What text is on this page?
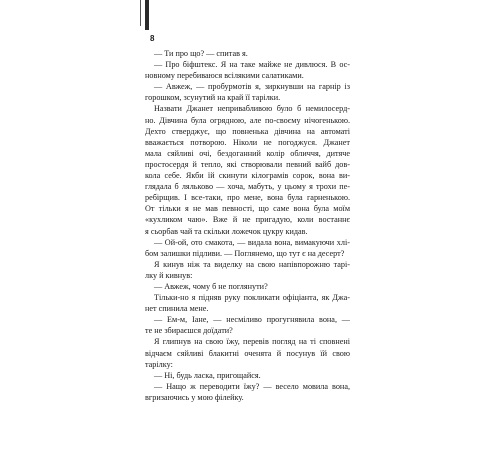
8
— Ти про що? — спитав я.
— Про біфштекс. Я на таке майже не дивлюся. В ос-
новному перебиваюся всілякими салатиками.
— Авжеж, — пробурмотів я, зиркнувши на гарнір із
горошком, зсунутий на край її тарілки.
Назвати Джанет непривабливою було б немилосерд-
но. Дівчина була огрядною, але по-своєму нічогенькою.
Дехто стверджує, що повненька дівчина на автоматі
вважається потворою. Ніколи не погоджуся. Джанет
мала сяйливі очі, бездоганний колір обличчя, дитяче
простосердя й тепло, які створювали певний вайб дов-
кола себе. Якби їй скинути кілограмів сорок, вона ви-
глядала б ляльково — хоча, мабуть, у цьому я трохи пе-
ребірщив. І все-таки, про мене, вона була гарненькою.
От тільки я не мав певності, що саме вона була моїм
«кухликом чаю». Вже й не пригадую, коли востаннє
я сьорбав чай та скільки ложечок цукру кидав.
— Ой-ой, ото смакота, — видала вона, вимакуючи хлі-
бом залишки підливи. — Поглянемо, що тут є на десерт?
Я кинув ніж та виделку на свою напівпорожню тарі-
лку й кивнув:
— Авжеж, чому б не поглянути?
Тільки-но я підняв руку покликати офіціанта, як Джа-
нет спинила мене.
— Ем-м, Іане, — несміливо прогугнявила вона, —
те не збираєшся доїдати?
Я глипнув на свою їжу, перевів погляд на ті сповнені
відчаєм сяйливі блакитні оченята й посунув їй свою
тарілку:
— Ні, будь ласка, пригощайся.
— Нащо ж переводити їжу? — весело мовила вона,
вгризаючись у мою філейку.
